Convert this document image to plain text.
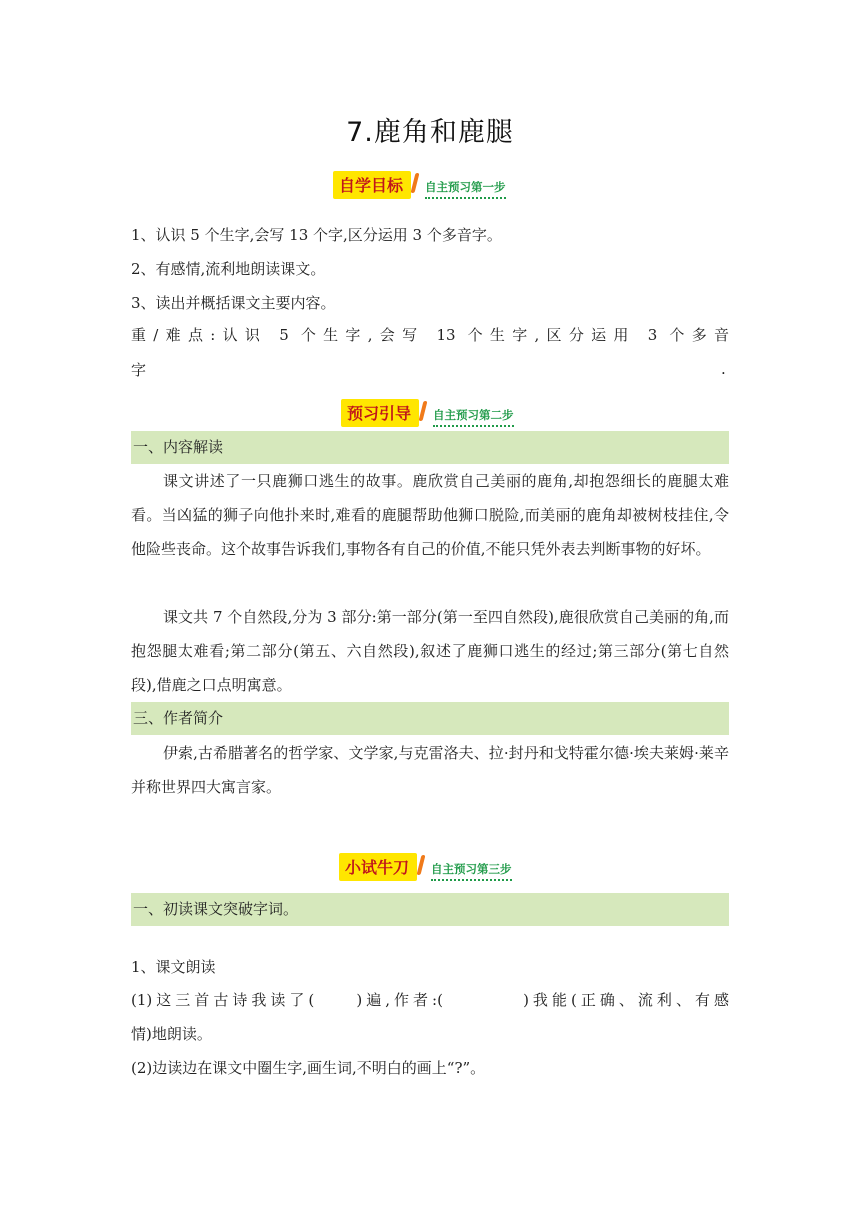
7.鹿角和鹿腿
自学目标	自主预习第一步
1、认识 5 个生字,会写 13 个字,区分运用 3 个多音字。
2、有感情,流利地朗读课文。
3、读出并概括课文主要内容。
重/难点:认识 5 个生字,会写 13 个生字,区分运用 3 个多音
字	.
预习引导	自主预习第二步
一、内容解读

课文讲述了一只鹿狮口逃生的故事。鹿欣赏自己美丽的鹿角,却抱怨细长的鹿腿太难看。当凶猛的狮子向他扑来时,难看的鹿腿帮助他狮口脱险,而美丽的鹿角却被树枝挂住,令他险些丧命。这个故事告诉我们,事物各有自己的价值,不能只凭外表去判断事物的好坏。

课文共 7 个自然段,分为 3 部分:第一部分(第一至四自然段),鹿很欣赏自己美丽的角,而抱怨腿太难看;第二部分(第五、六自然段),叙述了鹿狮口逃生的经过;第三部分(第七自然段),借鹿之口点明寓意。

三、作者简介

伊索,古希腊著名的哲学家、文学家,与克雷洛夫、拉·封丹和戈特霍尔德·埃夫莱姆·莱辛并称世界四大寓言家。

小试牛刀	自主预习第三步
一、初读课文突破字词。
1、课文朗读
(1)这三首古诗我读了(　　)遍,作者:(　　　　)我能(正确、流利、有感
情)地朗读。
(2)边读边在课文中圈生字,画生词,不明白的画上“?”。
